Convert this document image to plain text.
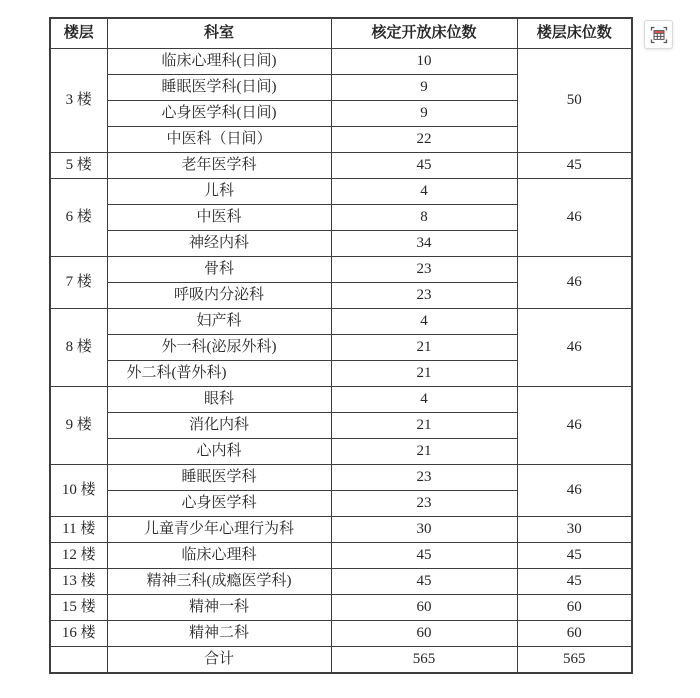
楼层	科室	核定开放床位数	楼层床位数
3 楼	临床心理科(日间)	10	50
	睡眠医学科(日间)	9	
	心身医学科(日间)	9	
	中医科（日间）	22	
5 楼	老年医学科	45	45
6 楼	儿科	4	46
	中医科	8	
	神经内科	34	
7 楼	骨科	23	46
	呼吸内分泌科	23	
8 楼	妇产科	4	46
	外一科(泌尿外科)	21	
	外二科(普外科)	21	
9 楼	眼科	4	46
	消化内科	21	
	心内科	21	
10 楼	睡眠医学科	23	46
	心身医学科	23	
11 楼	儿童青少年心理行为科	30	30
12 楼	临床心理科	45	45
13 楼	精神三科(成瘾医学科)	45	45
15 楼	精神一科	60	60
16 楼	精神二科	60	60
	合计	565	565
